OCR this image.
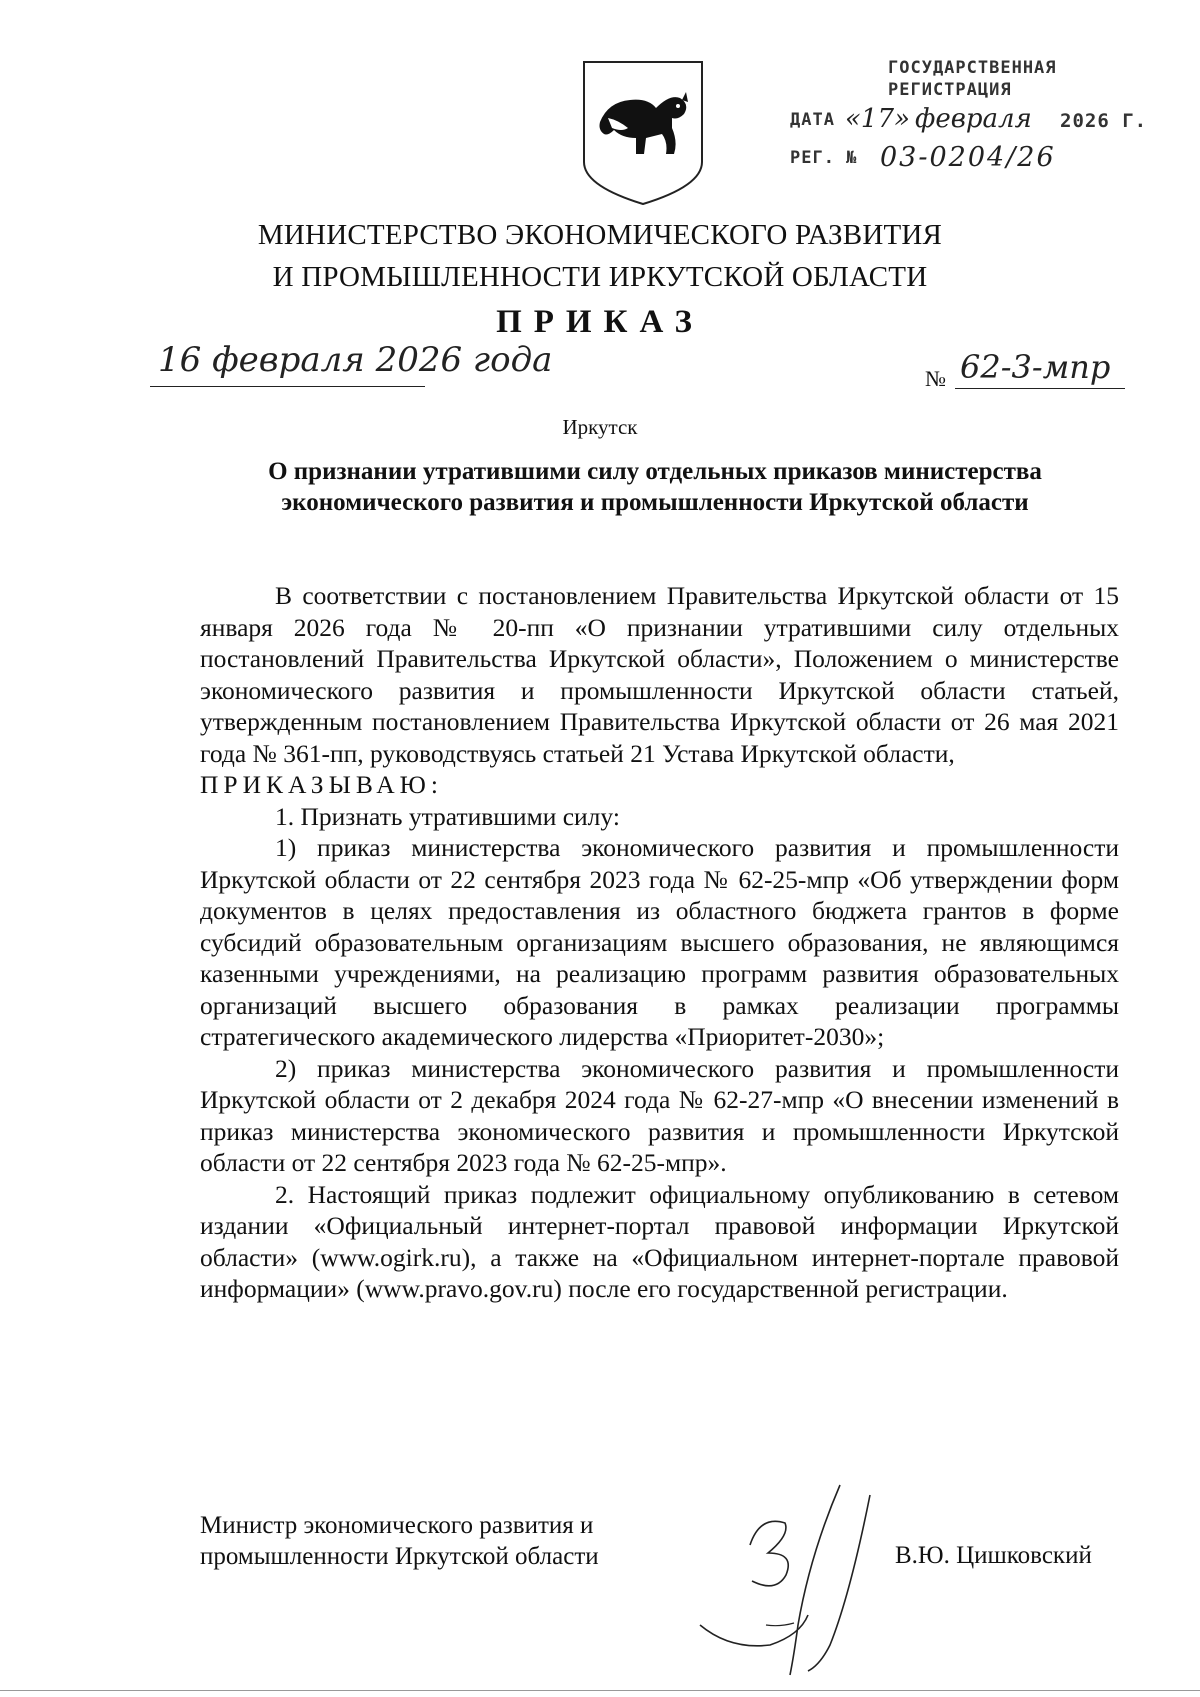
ГОСУДАРСТВЕННАЯ
РЕГИСТРАЦИЯ
ДАТА «17» февраля 2026 Г.
РЕГ. № 03-0204/26
МИНИСТЕРСТВО ЭКОНОМИЧЕСКОГО РАЗВИТИЯ
И ПРОМЫШЛЕННОСТИ ИРКУТСКОЙ ОБЛАСТИ
ПРИКАЗ
16 февраля 2026 года	№ 62-3-мпр
Иркутск
О признании утратившими силу отдельных приказов министерства экономического развития и промышленности Иркутской области

В соответствии с постановлением Правительства Иркутской области от 15 января 2026 года № 20-пп «О признании утратившими силу отдельных постановлений Правительства Иркутской области», Положением о министерстве экономического развития и промышленности Иркутской области статьей, утвержденным постановлением Правительства Иркутской области от 26 мая 2021 года № 361-пп, руководствуясь статьей 21 Устава Иркутской области,

ПРИКАЗЫВАЮ:

1. Признать утратившими силу:

1) приказ министерства экономического развития и промышленности Иркутской области от 22 сентября 2023 года № 62-25-мпр «Об утверждении форм документов в целях предоставления из областного бюджета грантов в форме субсидий образовательным организациям высшего образования, не являющимся казенными учреждениями, на реализацию программ развития образовательных организаций высшего образования в рамках реализации программы стратегического академического лидерства «Приоритет-2030»;

2) приказ министерства экономического развития и промышленности Иркутской области от 2 декабря 2024 года № 62-27-мпр «О внесении изменений в приказ министерства экономического развития и промышленности Иркутской области от 22 сентября 2023 года № 62-25-мпр».

2. Настоящий приказ подлежит официальному опубликованию в сетевом издании «Официальный интернет-портал правовой информации Иркутской области» (www.ogirk.ru), а также на «Официальном интернет-портале правовой информации» (www.pravo.gov.ru) после его государственной регистрации.

Министр экономического развития и
промышленности Иркутской области	В.Ю. Цишковский
